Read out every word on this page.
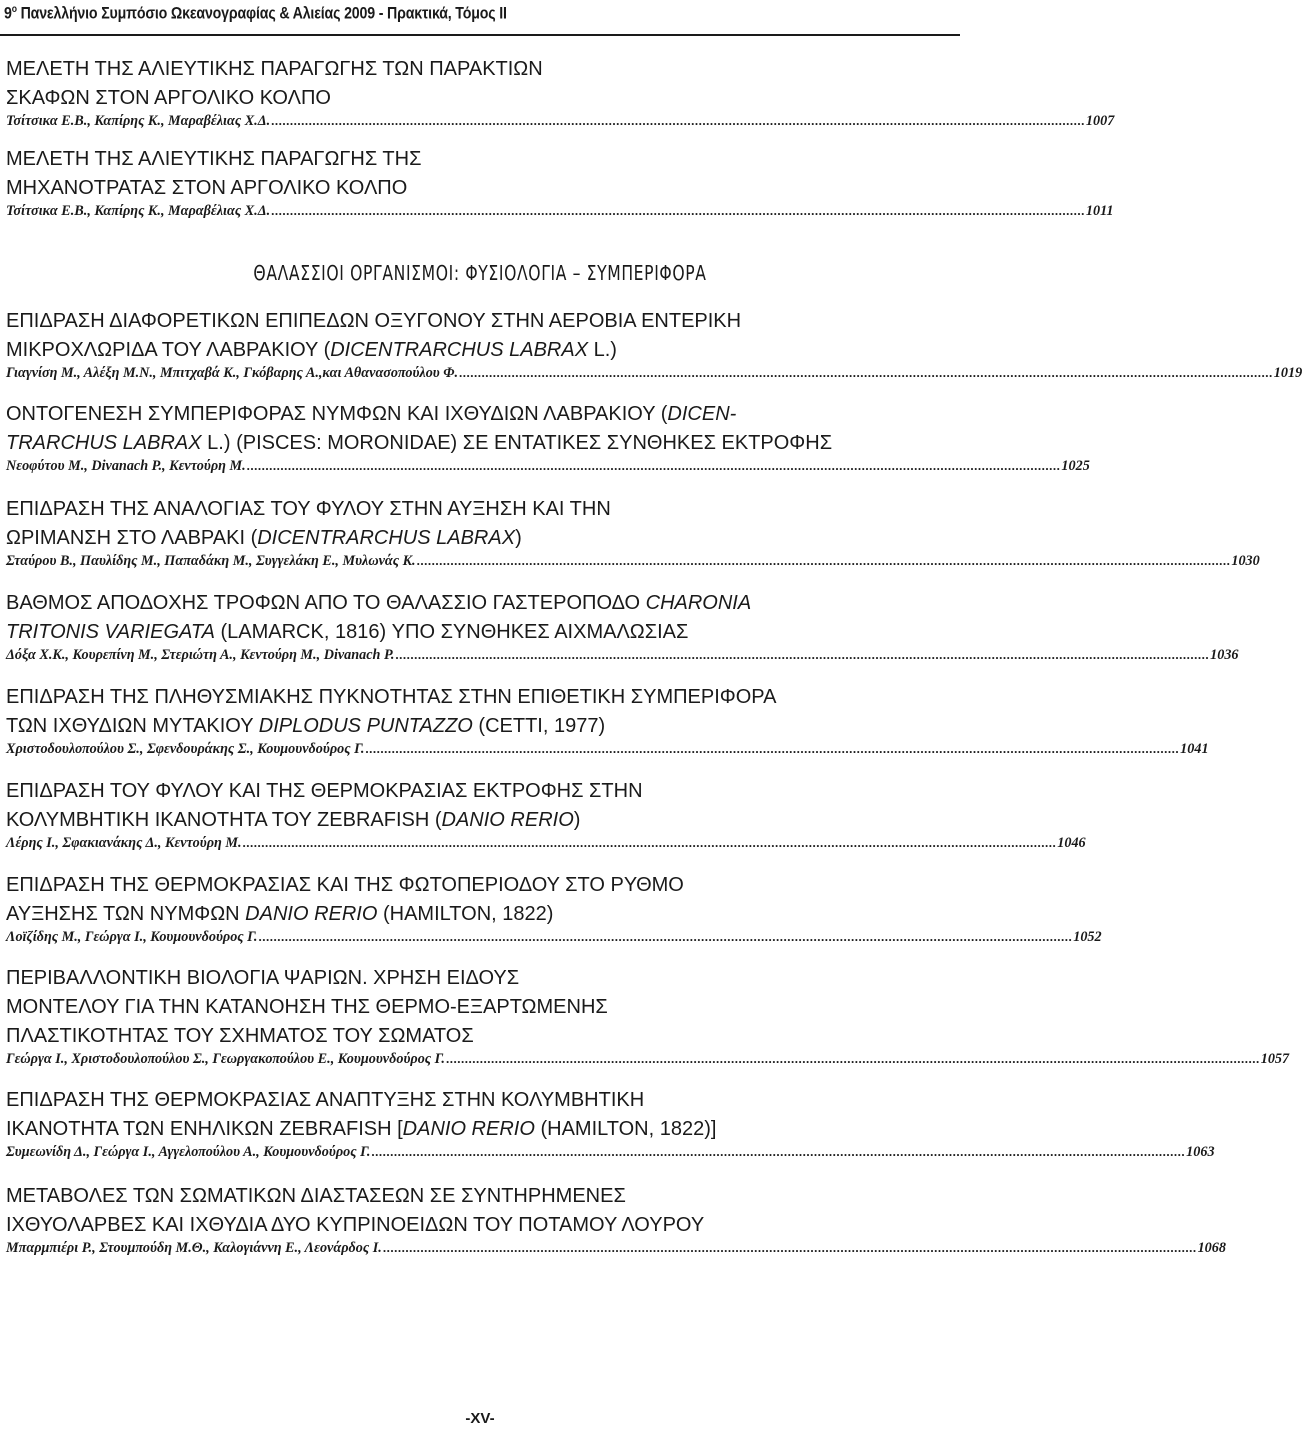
$9^o$ Πανελλήνιο Συμπόσιο Ωκεανογραφίας & Αλιείας 2009 - Πρακτικά, Τόμος ΙΙ

ΜΕΛΕΤΗ ΤΗΣ ΑΛΙΕΥΤΙΚΗΣ ΠΑΡΑΓΩΓΗΣ ΤΩΝ ΠΑΡΑΚΤΙΩΝ
ΣΚΑΦΩΝ ΣΤΟΝ ΑΡΓΟΛΙΚΟ ΚΟΛΠΟ

Τσίτσικα Ε.Β., Καπίρης Κ., Μαραβέλιας Χ.Δ. ......................................................................................................................................................................................................................... 1007

ΜΕΛΕΤΗ ΤΗΣ ΑΛΙΕΥΤΙΚΗΣ ΠΑΡΑΓΩΓΗΣ ΤΗΣ
ΜΗΧΑΝΟΤΡΑΤΑΣ ΣΤΟΝ ΑΡΓΟΛΙΚΟ ΚΟΛΠΟ

Τσίτσικα Ε.Β., Καπίρης Κ., Μαραβέλιας Χ.Δ. ......................................................................................................................................................................................................................... 1011
ΘΑΛΑΣΣΙΟΙ ΟΡΓΑΝΙΣΜΟΙ: ΦΥΣΙΟΛΟΓΙΑ – ΣΥΜΠΕΡΙΦΟΡΑ

ΕΠΙΔΡΑΣΗ ΔΙΑΦΟΡΕΤΙΚΩΝ ΕΠΙΠΕΔΩΝ ΟΞΥΓΟΝΟΥ ΣΤΗΝ ΑΕΡΟΒΙΑ ΕΝΤΕΡΙΚΗ
ΜΙΚΡΟΧΛΩΡΙΔΑ ΤΟΥ ΛΑΒΡΑΚΙΟΥ (DICENTRARCHUS LABRAX L.)

Γιαγνίση Μ., Αλέξη Μ.Ν., Μπιτχαβά Κ., Γκόβαρης Α.,και Αθανασοπούλου Φ. ......................................................................................................................................................................................................................... 1019

ΟΝΤΟΓΕΝΕΣΗ ΣΥΜΠΕΡΙΦΟΡΑΣ ΝΥΜΦΩΝ ΚΑΙ ΙΧΘΥΔΙΩΝ ΛΑΒΡΑΚΙΟΥ (DICEN-
TRARCHUS LABRAX L.) (PISCES: MORONIDAE) ΣΕ ΕΝΤΑΤΙΚΕΣ ΣΥΝΘΗΚΕΣ ΕΚΤΡΟΦΗΣ

Νεοφύτου Μ., Divanach P., Κεντούρη Μ. ......................................................................................................................................................................................................................... 1025

ΕΠΙΔΡΑΣΗ ΤΗΣ ΑΝΑΛΟΓΙΑΣ ΤΟΥ ΦΥΛΟΥ ΣΤΗΝ ΑΥΞΗΣΗ ΚΑΙ ΤΗΝ
ΩΡΙΜΑΝΣΗ ΣΤΟ ΛΑΒΡΑΚΙ (DICENTRARCHUS LABRAX)

Σταύρου Β., Παυλίδης Μ., Παπαδάκη Μ., Συγγελάκη Ε., Μυλωνάς Κ. ......................................................................................................................................................................................................................... 1030

ΒΑΘΜΟΣ ΑΠΟΔΟΧΗΣ ΤΡΟΦΩΝ ΑΠΟ ΤΟ ΘΑΛΑΣΣΙΟ ΓΑΣΤΕΡΟΠΟΔΟ CHARONIA
TRITONIS VARIEGATA (LAMARCK, 1816) ΥΠΟ ΣΥΝΘΗΚΕΣ ΑΙΧΜΑΛΩΣΙΑΣ

Δόξα Χ.Κ., Κουρεπίνη Μ., Στεριώτη Α., Κεντούρη Μ., Divanach P. ......................................................................................................................................................................................................................... 1036

ΕΠΙΔΡΑΣΗ ΤΗΣ ΠΛΗΘΥΣΜΙΑΚΗΣ ΠΥΚΝΟΤΗΤΑΣ ΣΤΗΝ ΕΠΙΘΕΤΙΚΗ ΣΥΜΠΕΡΙΦΟΡΑ
ΤΩΝ ΙΧΘΥΔΙΩΝ ΜΥΤΑΚΙΟΥ DIPLODUS PUNTAZZO (CETTI, 1977)

Χριστοδουλοπούλου Σ., Σφενδουράκης Σ., Κουμουνδούρος Γ. ......................................................................................................................................................................................................................... 1041

ΕΠΙΔΡΑΣΗ ΤΟΥ ΦΥΛΟΥ ΚΑΙ ΤΗΣ ΘΕΡΜΟΚΡΑΣΙΑΣ ΕΚΤΡΟΦΗΣ ΣΤΗΝ
ΚΟΛΥΜΒΗΤΙΚΗ ΙΚΑΝΟΤΗΤΑ ΤΟΥ ZEBRAFISH (DANIO RERIO)

Λέρης Ι., Σφακιανάκης Δ., Κεντούρη Μ. ......................................................................................................................................................................................................................... 1046

ΕΠΙΔΡΑΣΗ ΤΗΣ ΘΕΡΜΟΚΡΑΣΙΑΣ ΚΑΙ ΤΗΣ ΦΩΤΟΠΕΡΙΟΔΟΥ ΣΤΟ ΡΥΘΜΟ
ΑΥΞΗΣΗΣ ΤΩΝ ΝΥΜΦΩΝ DANIO RERIO (HAMILTON, 1822)

Λοϊζίδης Μ., Γεώργα Ι., Κουμουνδούρος Γ. ......................................................................................................................................................................................................................... 1052

ΠΕΡΙΒΑΛΛΟΝΤΙΚΗ ΒΙΟΛΟΓΙΑ ΨΑΡΙΩΝ. ΧΡΗΣΗ ΕΙΔΟΥΣ
ΜΟΝΤΕΛΟΥ ΓΙΑ ΤΗΝ ΚΑΤΑΝΟΗΣΗ ΤΗΣ ΘΕΡΜΟ-ΕΞΑΡΤΩΜΕΝΗΣ
ΠΛΑΣΤΙΚΟΤΗΤΑΣ ΤΟΥ ΣΧΗΜΑΤΟΣ ΤΟΥ ΣΩΜΑΤΟΣ

Γεώργα Ι., Χριστοδουλοπούλου Σ., Γεωργακοπούλου Ε., Κουμουνδούρος Γ. ......................................................................................................................................................................................................................... 1057

ΕΠΙΔΡΑΣΗ ΤΗΣ ΘΕΡΜΟΚΡΑΣΙΑΣ ΑΝΑΠΤΥΞΗΣ ΣΤΗΝ ΚΟΛΥΜΒΗΤΙΚΗ
ΙΚΑΝΟΤΗΤΑ ΤΩΝ ΕΝΗΛΙΚΩΝ ZEBRAFISH [DANIO RERIO (HAMILTON, 1822)]

Συμεωνίδη Δ., Γεώργα Ι., Αγγελοπούλου Α., Κουμουνδούρος Γ. ......................................................................................................................................................................................................................... 1063

ΜΕΤΑΒΟΛΕΣ ΤΩΝ ΣΩΜΑΤΙΚΩΝ ΔΙΑΣΤΑΣΕΩΝ ΣΕ ΣΥΝΤΗΡΗΜΕΝΕΣ
ΙΧΘΥΟΛΑΡΒΕΣ ΚΑΙ ΙΧΘΥΔΙΑ ΔΥΟ ΚΥΠΡΙΝΟΕΙΔΩΝ ΤΟΥ ΠΟΤΑΜΟΥ ΛΟΥΡΟΥ

Μπαρμπιέρι Ρ., Στουμπούδη Μ.Θ., Καλογιάννη Ε., Λεονάρδος Ι. ......................................................................................................................................................................................................................... 1068
-XV-
